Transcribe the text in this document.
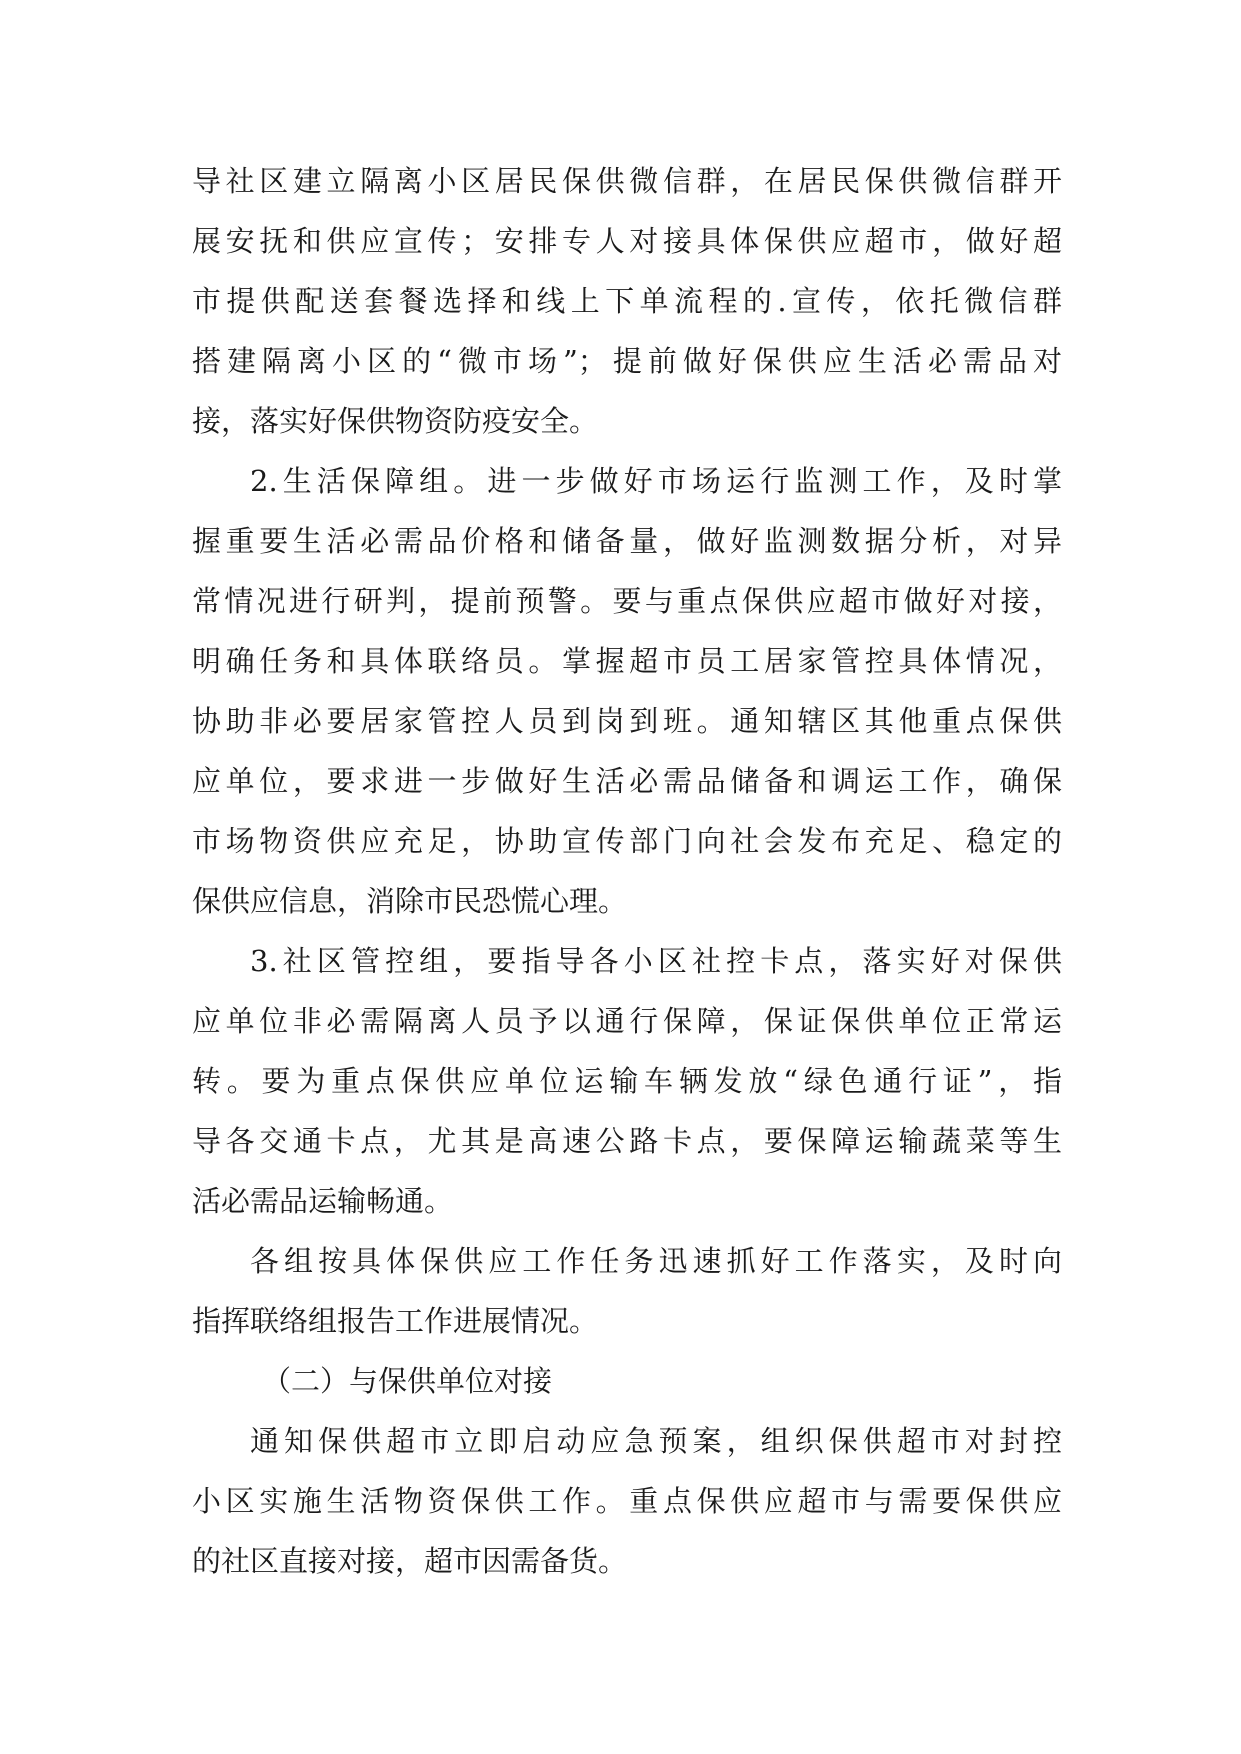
导社区建立隔离小区居民保供微信群，在居民保供微信群开
展安抚和供应宣传；安排专人对接具体保供应超市，做好超
市提供配送套餐选择和线上下单流程的.宣传，依托微信群
搭建隔离小区的“微市场”；提前做好保供应生活必需品对
接，落实好保供物资防疫安全。
2.生活保障组。进一步做好市场运行监测工作，及时掌
握重要生活必需品价格和储备量，做好监测数据分析，对异
常情况进行研判，提前预警。要与重点保供应超市做好对接，
明确任务和具体联络员。掌握超市员工居家管控具体情况，
协助非必要居家管控人员到岗到班。通知辖区其他重点保供
应单位，要求进一步做好生活必需品储备和调运工作，确保
市场物资供应充足，协助宣传部门向社会发布充足、稳定的
保供应信息，消除市民恐慌心理。
3.社区管控组，要指导各小区社控卡点，落实好对保供
应单位非必需隔离人员予以通行保障，保证保供单位正常运
转。要为重点保供应单位运输车辆发放“绿色通行证”，指
导各交通卡点，尤其是高速公路卡点，要保障运输蔬菜等生
活必需品运输畅通。
各组按具体保供应工作任务迅速抓好工作落实，及时向
指挥联络组报告工作进展情况。
（二）与保供单位对接
通知保供超市立即启动应急预案，组织保供超市对封控
小区实施生活物资保供工作。重点保供应超市与需要保供应
的社区直接对接，超市因需备货。
